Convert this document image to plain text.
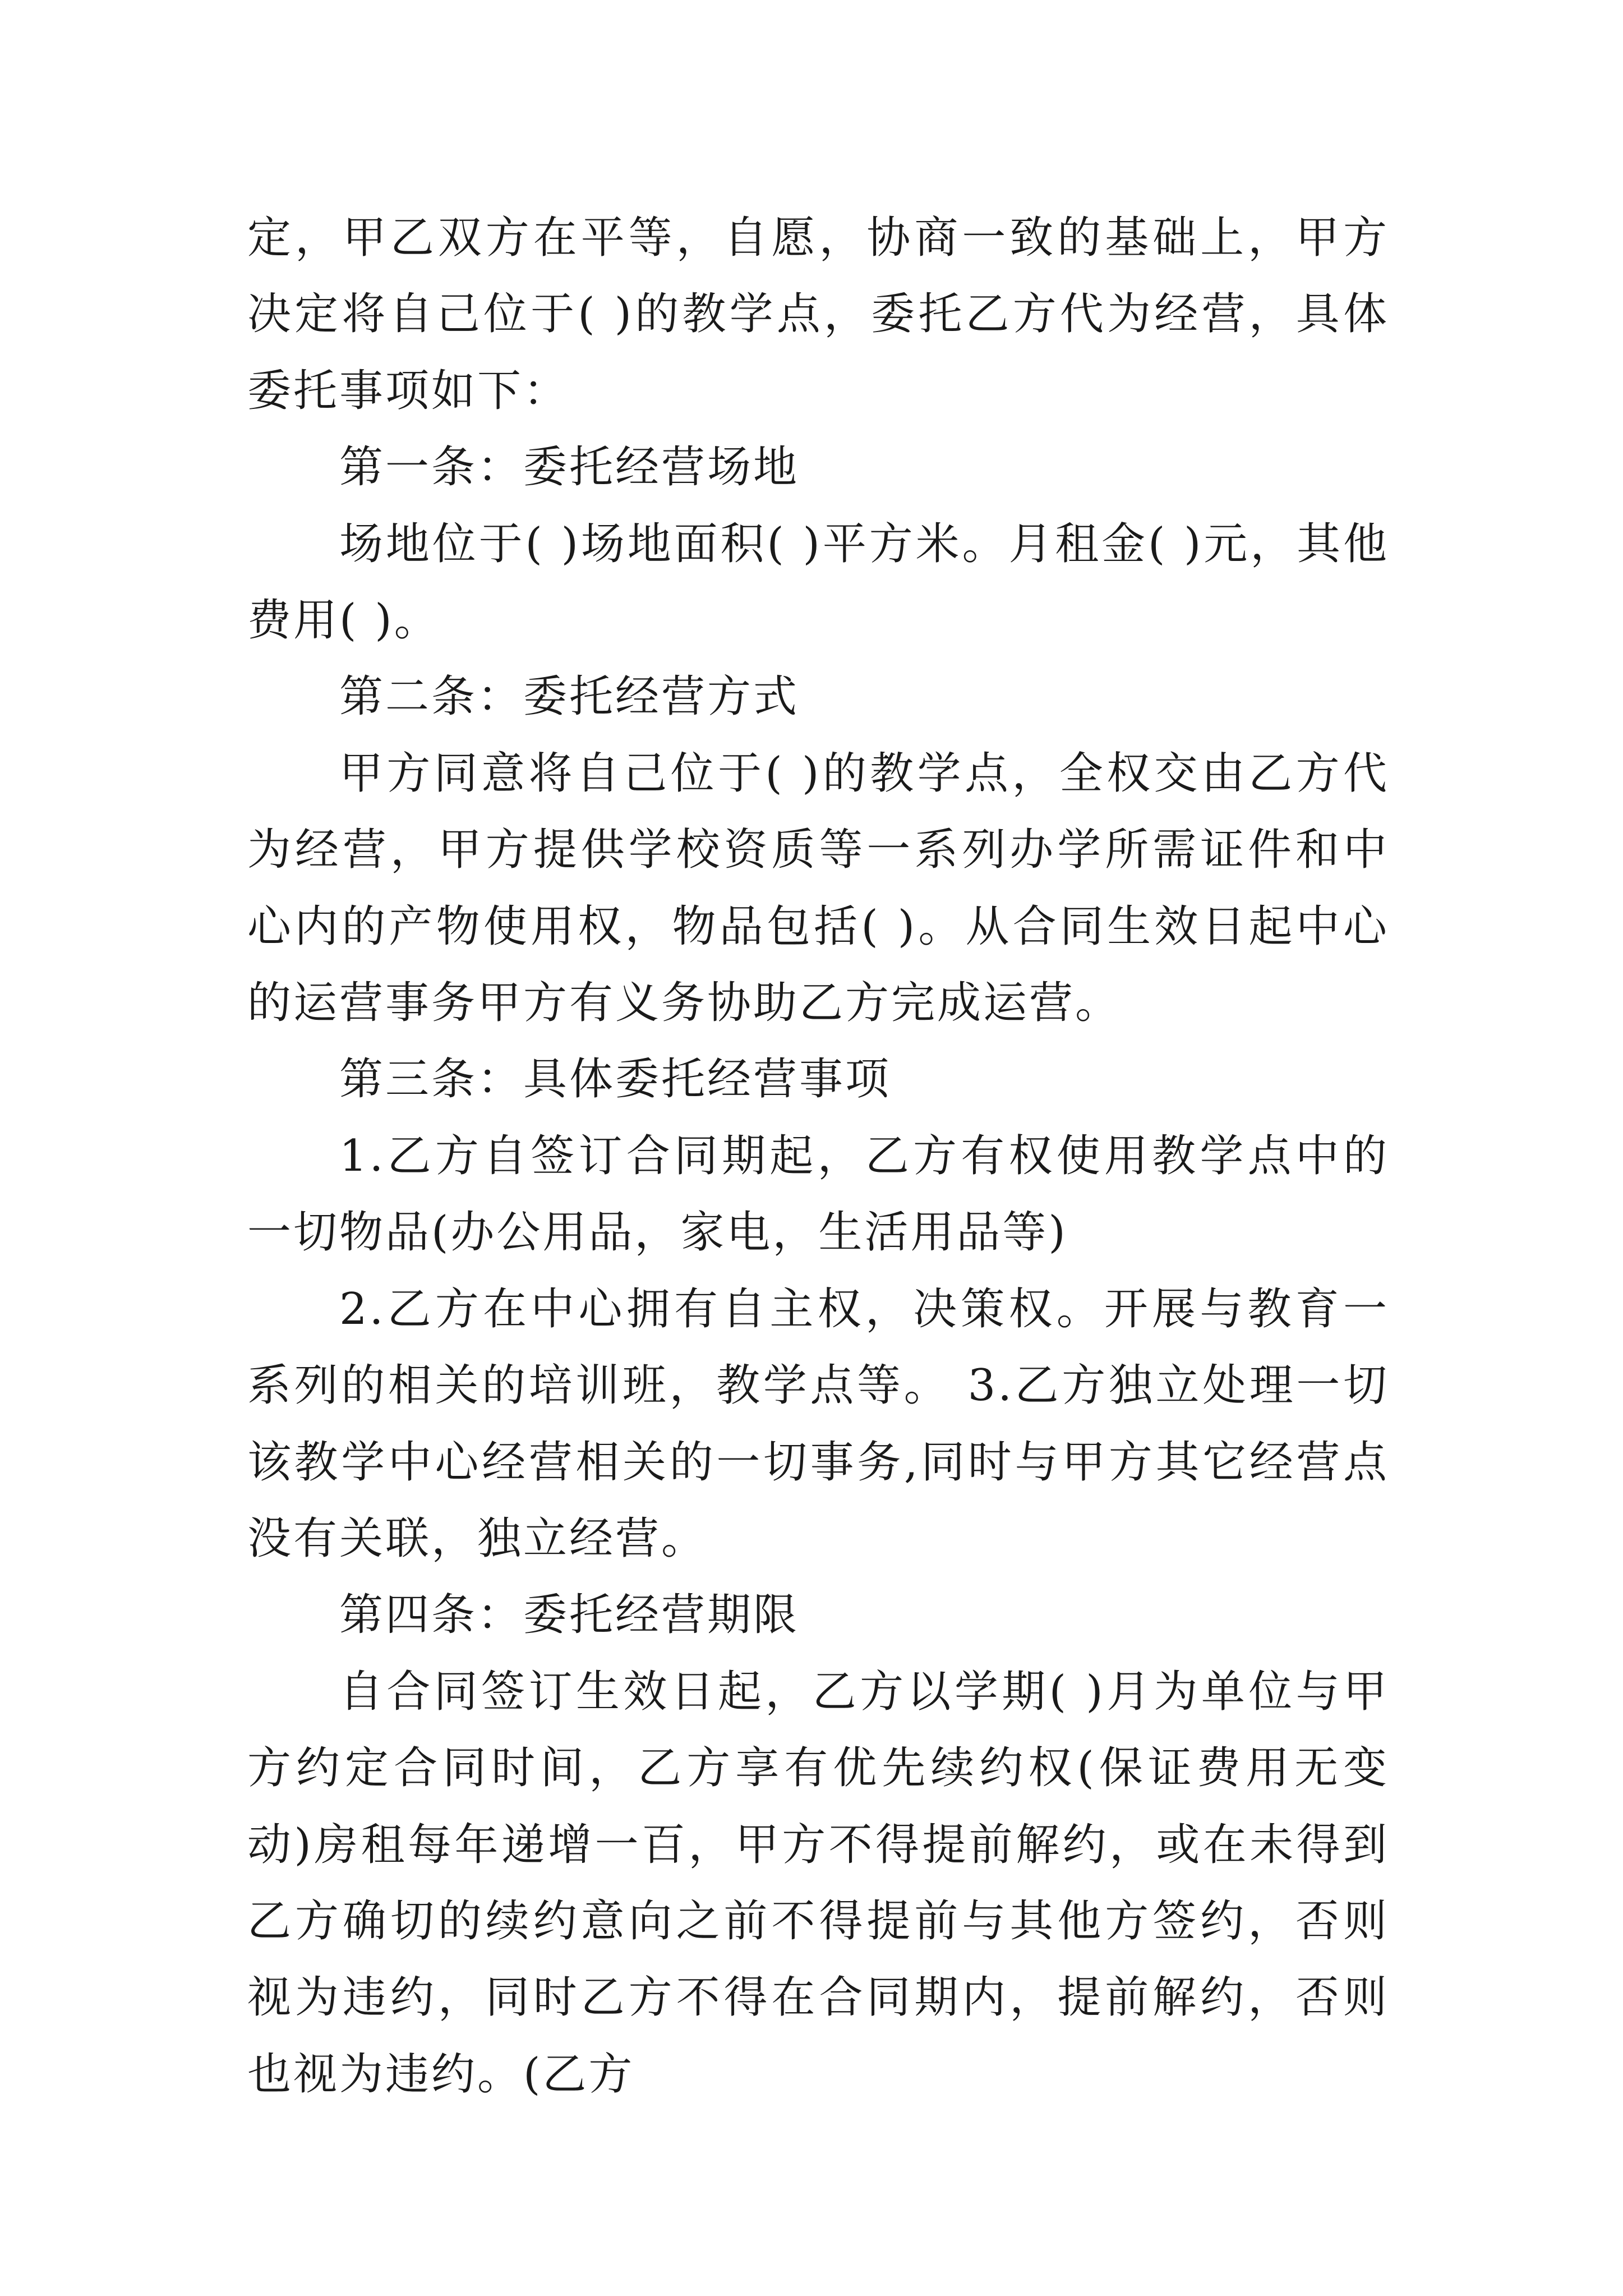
定，甲乙双方在平等，自愿，协商一致的基础上，甲方决定将自己位于( )的教学点，委托乙方代为经营，具体委托事项如下：

第一条：委托经营场地

场地位于( )场地面积( )平方米。月租金( )元，其他费用( )。

第二条：委托经营方式

甲方同意将自己位于( )的教学点，全权交由乙方代为经营，甲方提供学校资质等一系列办学所需证件和中心内的产物使用权，物品包括( )。从合同生效日起中心的运营事务甲方有义务协助乙方完成运营。

第三条：具体委托经营事项

1.乙方自签订合同期起，乙方有权使用教学点中的一切物品(办公用品，家电，生活用品等)

2.乙方在中心拥有自主权，决策权。开展与教育一系列的相关的培训班，教学点等。 3.乙方独立处理一切该教学中心经营相关的一切事务,同时与甲方其它经营点没有关联，独立经营。

第四条：委托经营期限

自合同签订生效日起，乙方以学期( )月为单位与甲方约定合同时间，乙方享有优先续约权(保证费用无变动)房租每年递增一百，甲方不得提前解约，或在未得到乙方确切的续约意向之前不得提前与其他方签约，否则视为违约，同时乙方不得在合同期内，提前解约，否则也视为违约。(乙方
